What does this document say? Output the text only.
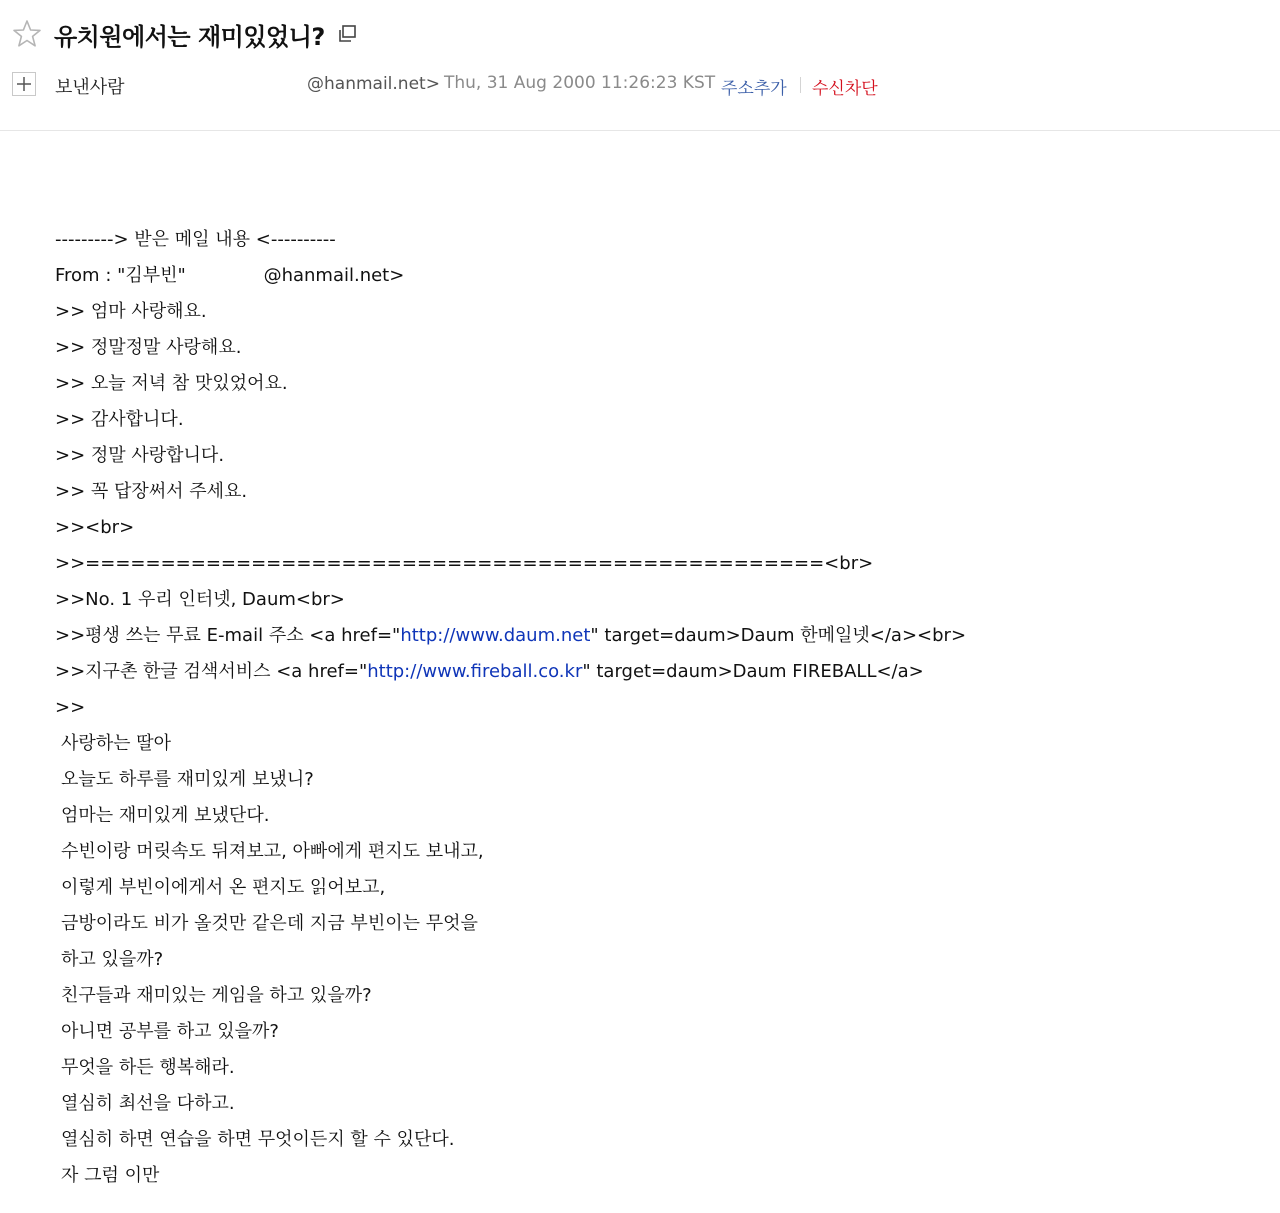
유치원에서는 재미있었니?
보낸사람	@hanmail.net> Thu, 31 Aug 2000 11:26:23 KST 주소추가 수신차단
---------> 받은 메일 내용 <----------
From : "김부빈"	@hanmail.net>
>> 엄마 사랑해요.
>> 정말정말 사랑해요.
>> 오늘 저녁 참 맛있었어요.
>> 감사합니다.
>> 정말 사랑합니다.
>> 꼭 답장써서 주세요.
>><br>
>>=================================================<br>
>>No. 1 우리 인터넷, Daum<br>
>>평생 쓰는 무료 E-mail 주소 <a href="http://www.daum.net" target=daum>Daum 한메일넷</a><br>
>>지구촌 한글 검색서비스 <a href="http://www.fireball.co.kr" target=daum>Daum FIREBALL</a>
>>
사랑하는 딸아
오늘도 하루를 재미있게 보냈니?
엄마는 재미있게 보냈단다.
수빈이랑 머릿속도 뒤져보고, 아빠에게 편지도 보내고,
이렇게 부빈이에게서 온 편지도 읽어보고,
금방이라도 비가 올것만 같은데 지금 부빈이는 무엇을
하고 있을까?
친구들과 재미있는 게임을 하고 있을까?
아니면 공부를 하고 있을까?
무엇을 하든 행복해라.
열심히 최선을 다하고.
열심히 하면 연습을 하면 무엇이든지 할 수 있단다.
자 그럼 이만
